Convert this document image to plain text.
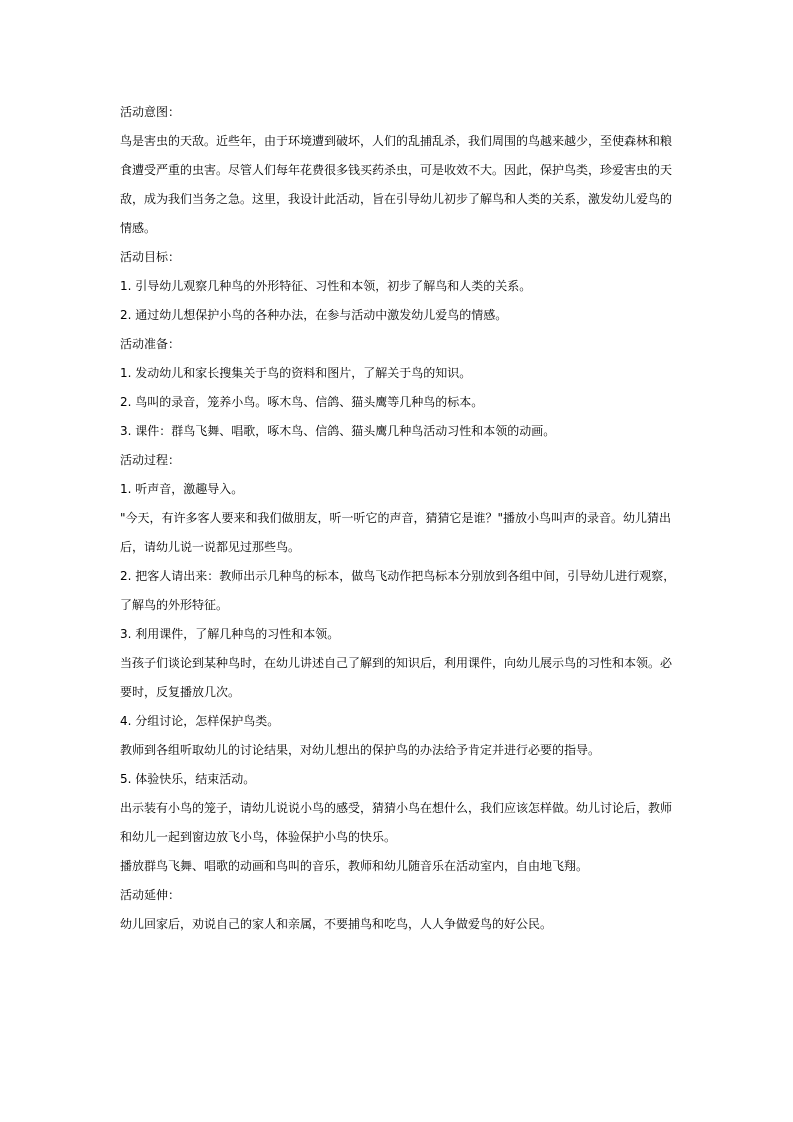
活动意图：
鸟是害虫的天敌。近些年，由于环境遭到破坏，人们的乱捕乱杀，我们周围的鸟越来越少，至使森林和粮
食遭受严重的虫害。尽管人们每年花费很多钱买药杀虫，可是收效不大。因此，保护鸟类，珍爱害虫的天
敌，成为我们当务之急。这里，我设计此活动，旨在引导幼儿初步了解鸟和人类的关系，激发幼儿爱鸟的
情感。
活动目标：
1. 引导幼儿观察几种鸟的外形特征、习性和本领，初步了解鸟和人类的关系。
2. 通过幼儿想保护小鸟的各种办法，在参与活动中激发幼儿爱鸟的情感。
活动准备：
1. 发动幼儿和家长搜集关于鸟的资料和图片，了解关于鸟的知识。
2. 鸟叫的录音，笼养小鸟。啄木鸟、信鸽、猫头鹰等几种鸟的标本。
3. 课件：群鸟飞舞、唱歌，啄木鸟、信鸽、猫头鹰几种鸟活动习性和本领的动画。
活动过程：
1. 听声音，激趣导入。
"今天，有许多客人要来和我们做朋友，听一听它的声音，猜猜它是谁？"播放小鸟叫声的录音。幼儿猜出
后，请幼儿说一说都见过那些鸟。
2. 把客人请出来：教师出示几种鸟的标本，做鸟飞动作把鸟标本分别放到各组中间，引导幼儿进行观察，
了解鸟的外形特征。
3. 利用课件，了解几种鸟的习性和本领。
当孩子们谈论到某种鸟时，在幼儿讲述自己了解到的知识后，利用课件，向幼儿展示鸟的习性和本领。必
要时，反复播放几次。
4. 分组讨论，怎样保护鸟类。
教师到各组听取幼儿的讨论结果，对幼儿想出的保护鸟的办法给予肯定并进行必要的指导。
5. 体验快乐，结束活动。
出示装有小鸟的笼子，请幼儿说说小鸟的感受，猜猜小鸟在想什么，我们应该怎样做。幼儿讨论后，教师
和幼儿一起到窗边放飞小鸟，体验保护小鸟的快乐。
播放群鸟飞舞、唱歌的动画和鸟叫的音乐，教师和幼儿随音乐在活动室内，自由地飞翔。
活动延伸：
幼儿回家后，劝说自己的家人和亲属，不要捕鸟和吃鸟，人人争做爱鸟的好公民。
